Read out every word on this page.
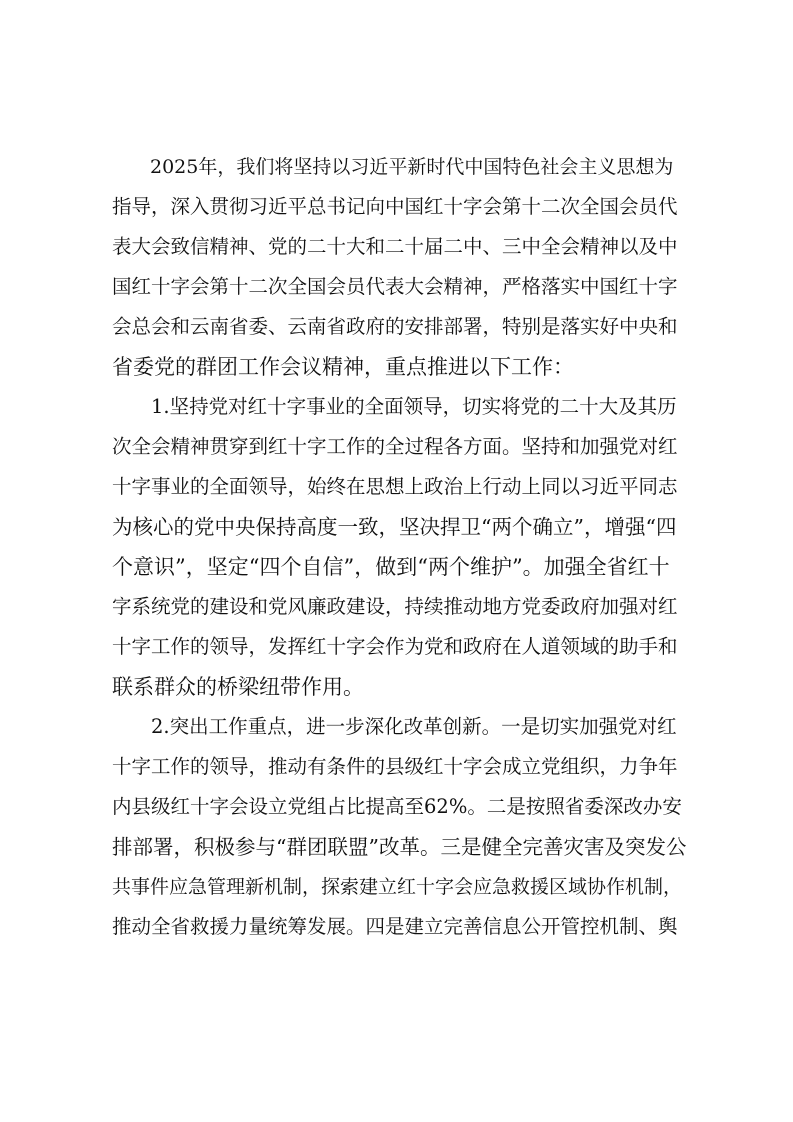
　　2025年，我们将坚持以习近平新时代中国特色社会主义思想为
指导，深入贯彻习近平总书记向中国红十字会第十二次全国会员代
表大会致信精神、党的二十大和二十届二中、三中全会精神以及中
国红十字会第十二次全国会员代表大会精神，严格落实中国红十字
会总会和云南省委、云南省政府的安排部署，特别是落实好中央和
省委党的群团工作会议精神，重点推进以下工作：
　　1.坚持党对红十字事业的全面领导，切实将党的二十大及其历
次全会精神贯穿到红十字工作的全过程各方面。坚持和加强党对红
十字事业的全面领导，始终在思想上政治上行动上同以习近平同志
为核心的党中央保持高度一致，坚决捍卫“两个确立”，增强“四
个意识”，坚定“四个自信”，做到“两个维护”。加强全省红十
字系统党的建设和党风廉政建设，持续推动地方党委政府加强对红
十字工作的领导，发挥红十字会作为党和政府在人道领域的助手和
联系群众的桥梁纽带作用。
　　2.突出工作重点，进一步深化改革创新。一是切实加强党对红
十字工作的领导，推动有条件的县级红十字会成立党组织，力争年
内县级红十字会设立党组占比提高至62%。二是按照省委深改办安
排部署，积极参与“群团联盟”改革。三是健全完善灾害及突发公
共事件应急管理新机制，探索建立红十字会应急救援区域协作机制，
推动全省救援力量统筹发展。四是建立完善信息公开管控机制、舆
